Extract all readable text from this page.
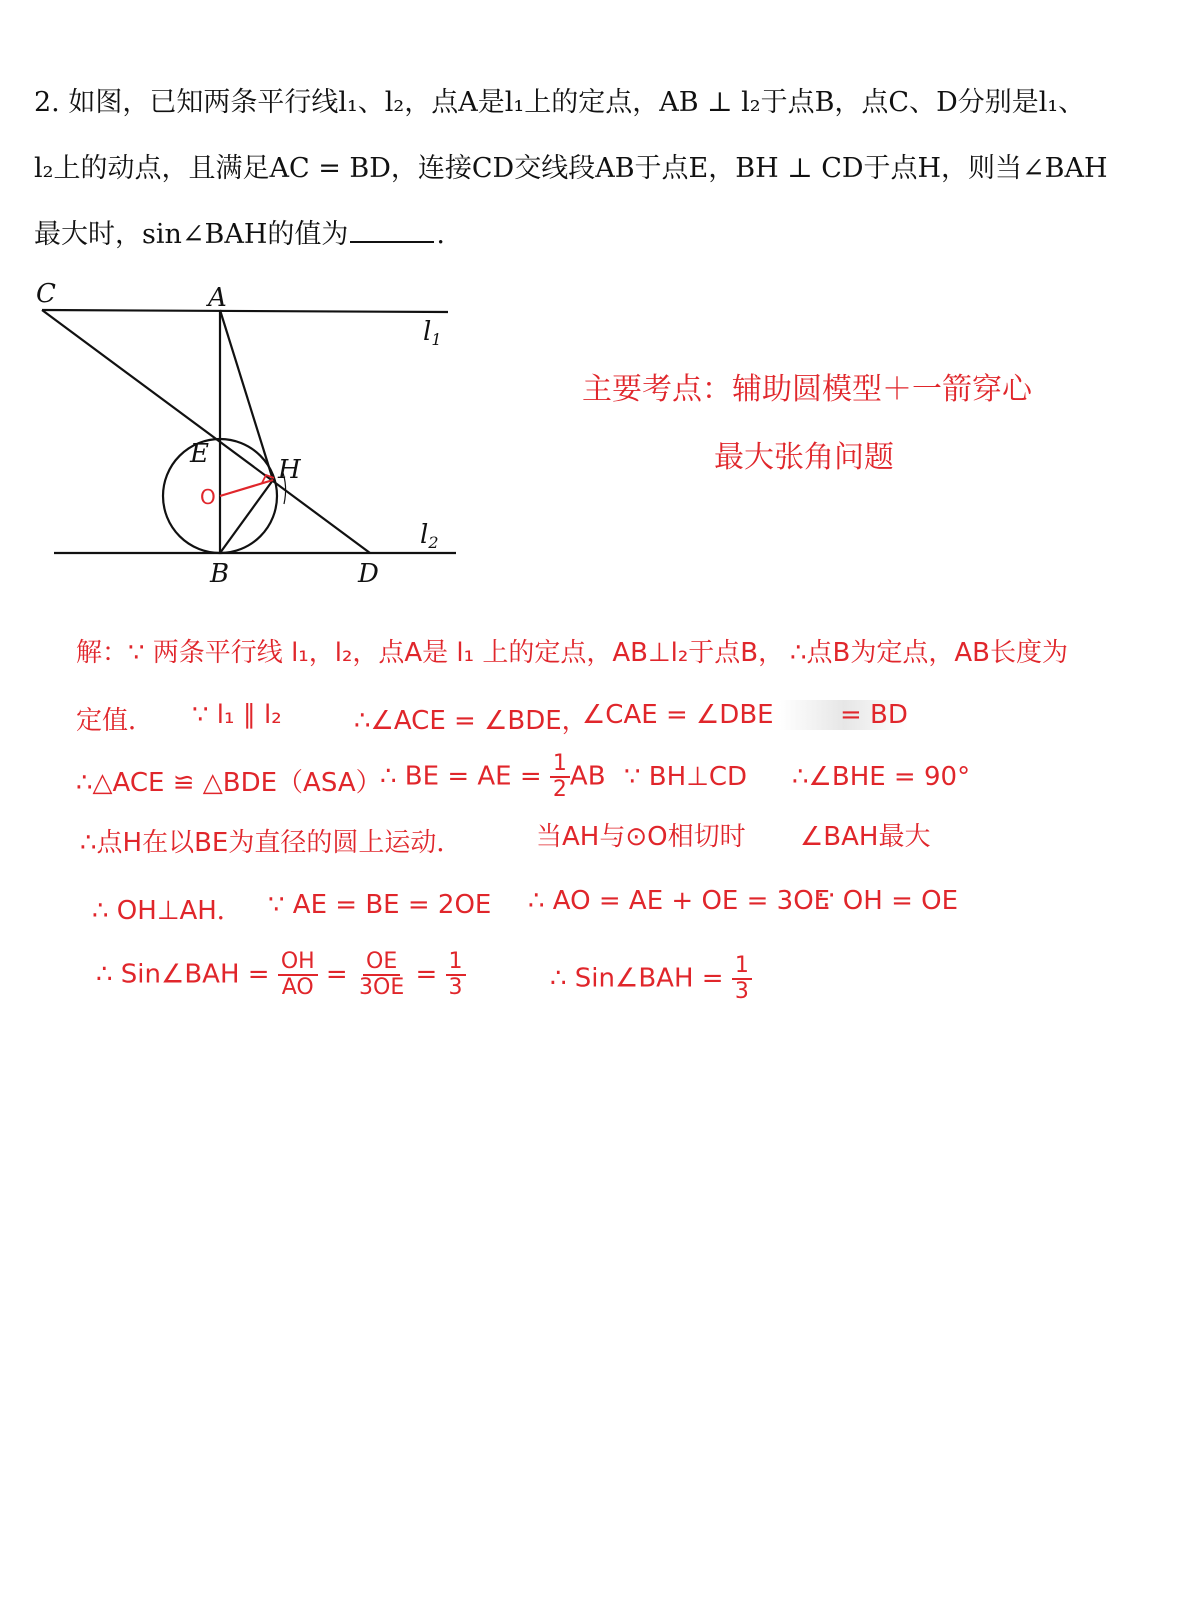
2. 如图，已知两条平行线l₁、l₂，点A是l₁上的定点，AB ⊥ l₂于点B，点C、D分别是l₁、
l₂上的动点，且满足AC = BD，连接CD交线段AB于点E，BH ⊥ CD于点H，则当∠BAH
最大时，sin∠BAH的值为	.
C	A
l1
E
H
l2
B	D
O
主要考点：辅助圆模型＋一箭穿心
最大张角问题
解：∵ 两条平行线 l₁，l₂，点A是 l₁ 上的定点，AB⊥l₂于点B， ∴点B为定点，AB长度为
定值． ∵ l₁ ∥ l₂	∴∠ACE = ∠BDE，
∠CAE = ∠DBE	= BD
∴△ACE ≌ △BDE（ASA）
∴ BE = AE = $\frac{1}{2}$ AB ∵ BH⊥CD ∴∠BHE = 90°
∴点H在以BE为直径的圆上运动．	当AH与⊙O相切时 ∠BAH最大
∴ OH⊥AH． ∵ AE = BE = 2OE ∴ AO = AE + OE = 3OE
∵ OH = OE
∴ Sin∠BAH = $\frac{OH}{AO} = \frac{OE}{3OE} = \frac{1}{3}$	∴ Sin∠BAH = $\frac{1}{3}$
